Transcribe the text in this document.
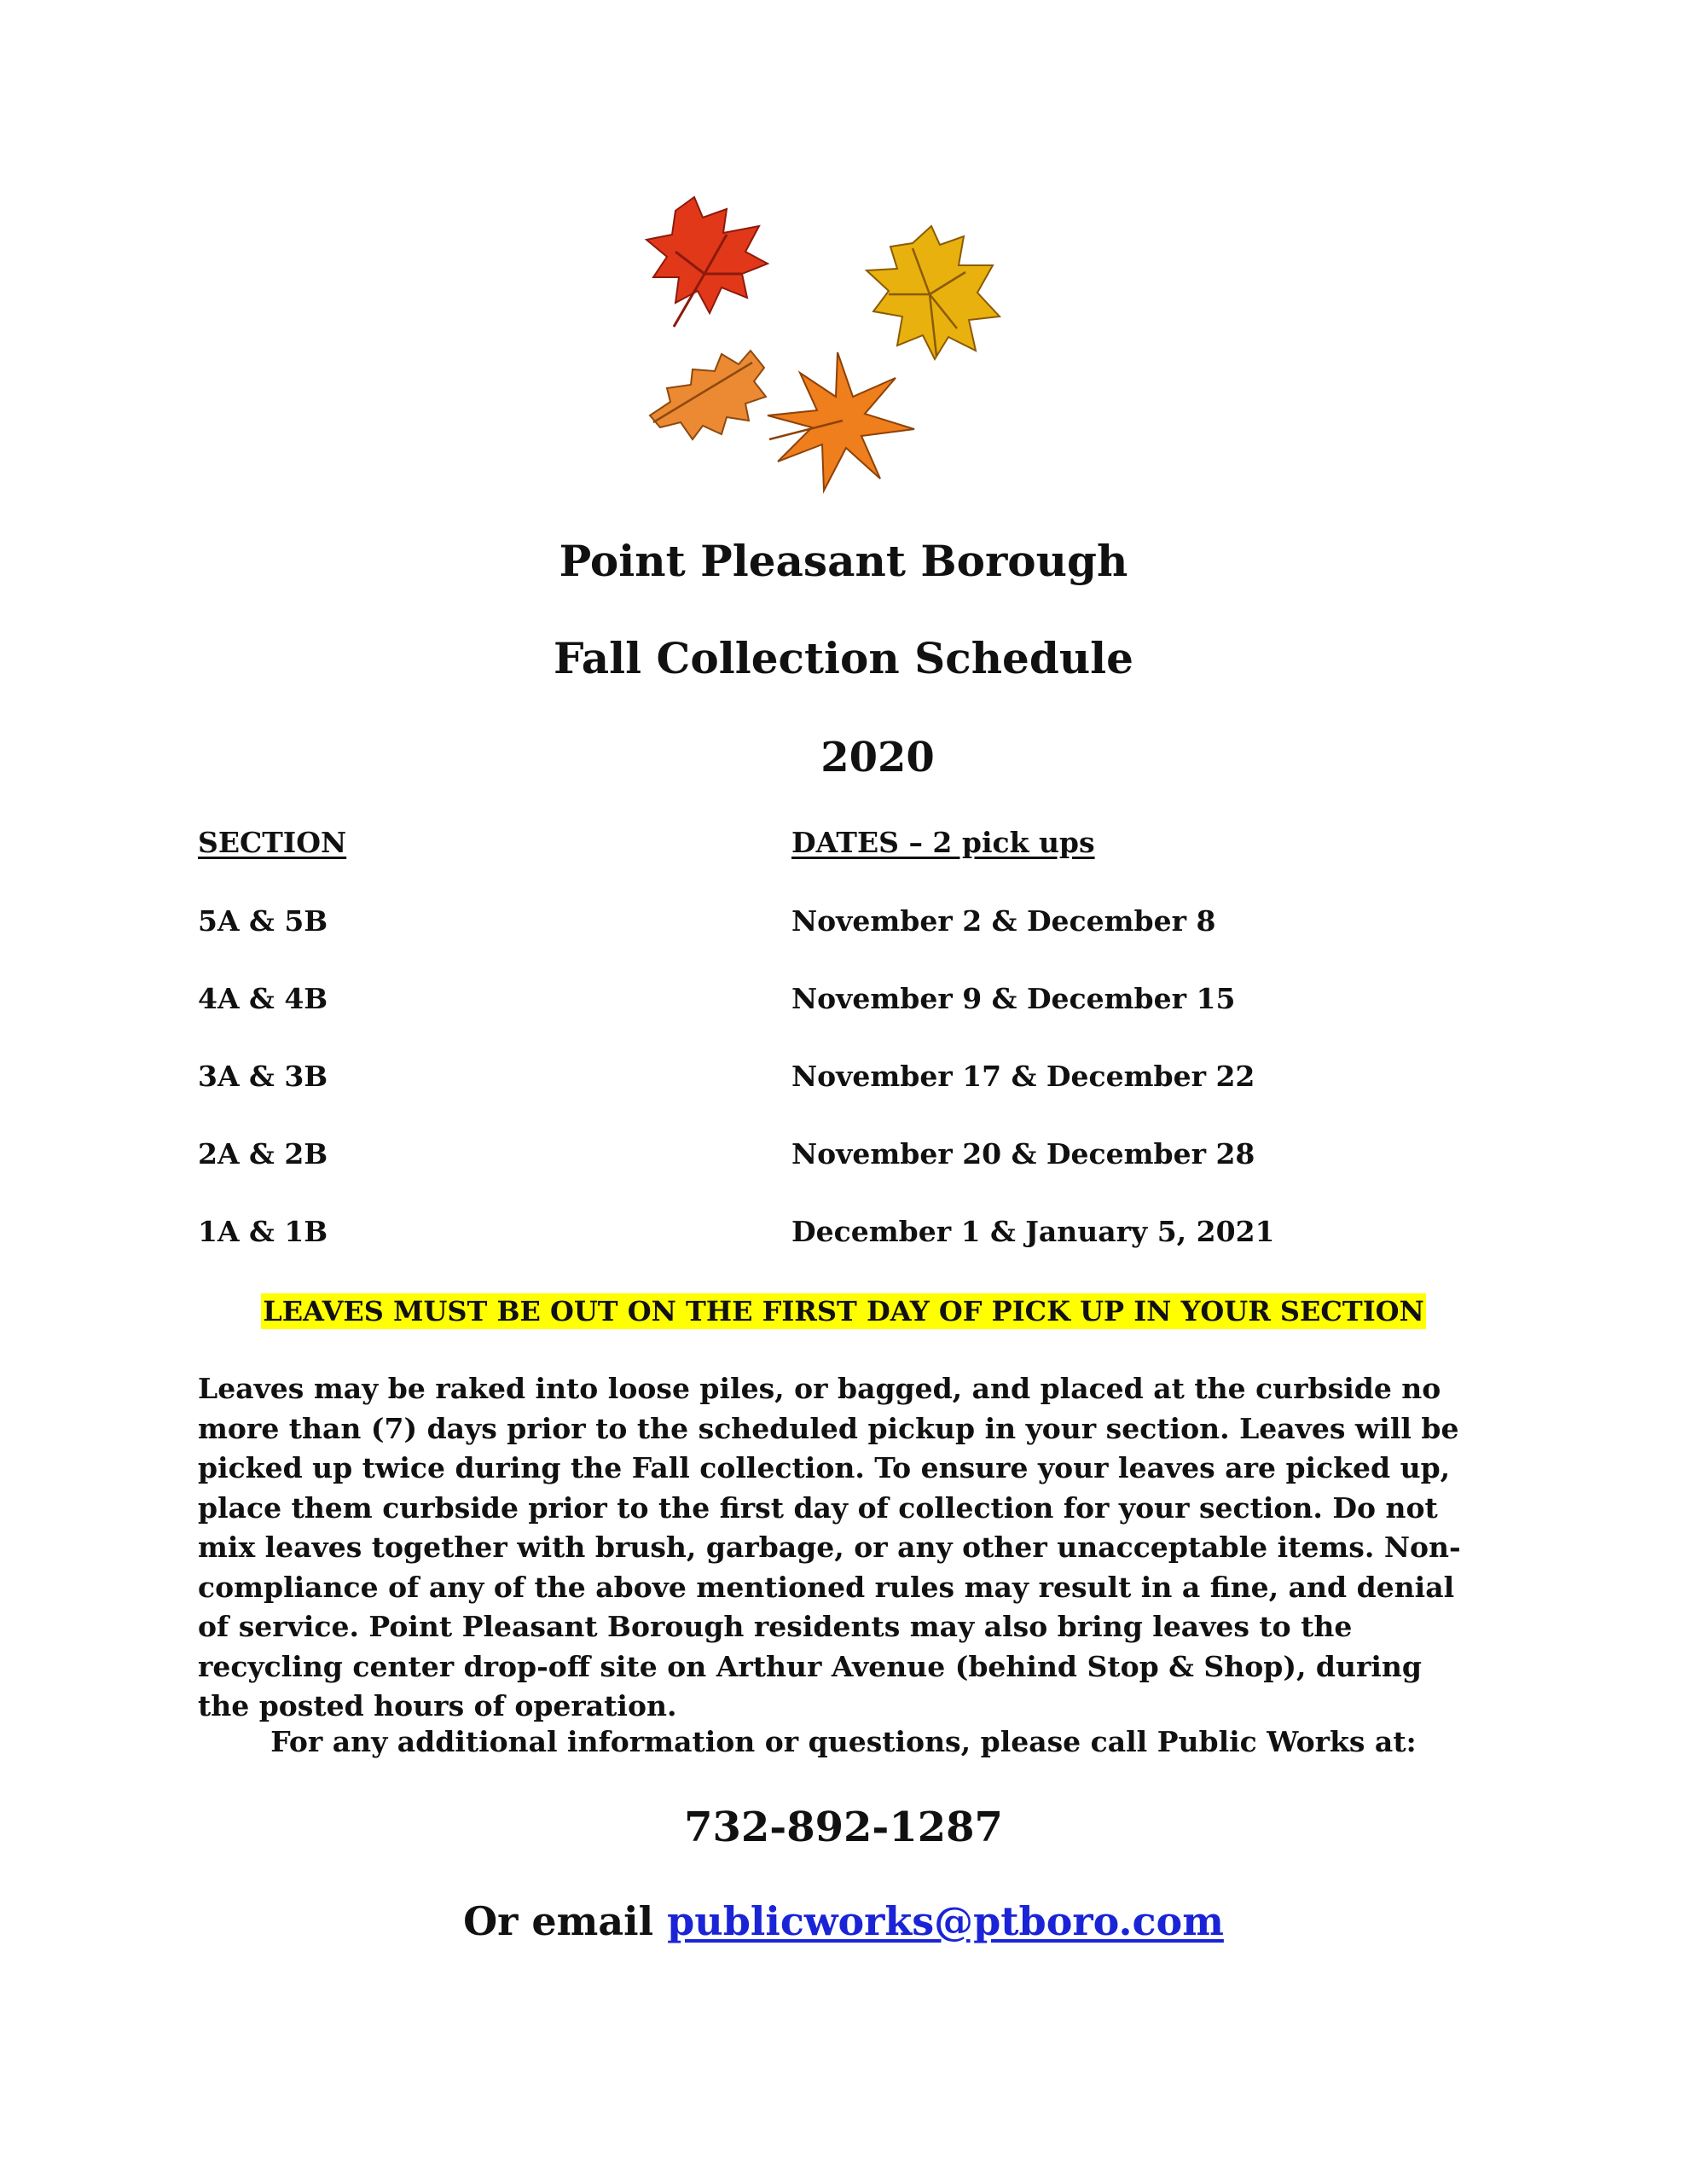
Point Pleasant Borough
Fall Collection Schedule
2020
SECTION	DATES – 2 pick ups
5A & 5B	November 2 & December 8
4A & 4B	November 9 & December 15
3A & 3B	November 17 & December 22
2A & 2B	November 20 & December 28
1A & 1B	December 1 & January 5, 2021
LEAVES MUST BE OUT ON THE FIRST DAY OF PICK UP IN YOUR SECTION
Leaves may be raked into loose piles, or bagged, and placed at the curbside no more than (7) days prior to the scheduled pickup in your section. Leaves will be picked up twice during the Fall collection. To ensure your leaves are picked up, place them curbside prior to the first day of collection for your section. Do not mix leaves together with brush, garbage, or any other unacceptable items. Non-compliance of any of the above mentioned rules may result in a fine, and denial of service. Point Pleasant Borough residents may also bring leaves to the recycling center drop-off site on Arthur Avenue (behind Stop & Shop), during the posted hours of operation.
For any additional information or questions, please call Public Works at:
732-892-1287
Or email publicworks@ptboro.com
